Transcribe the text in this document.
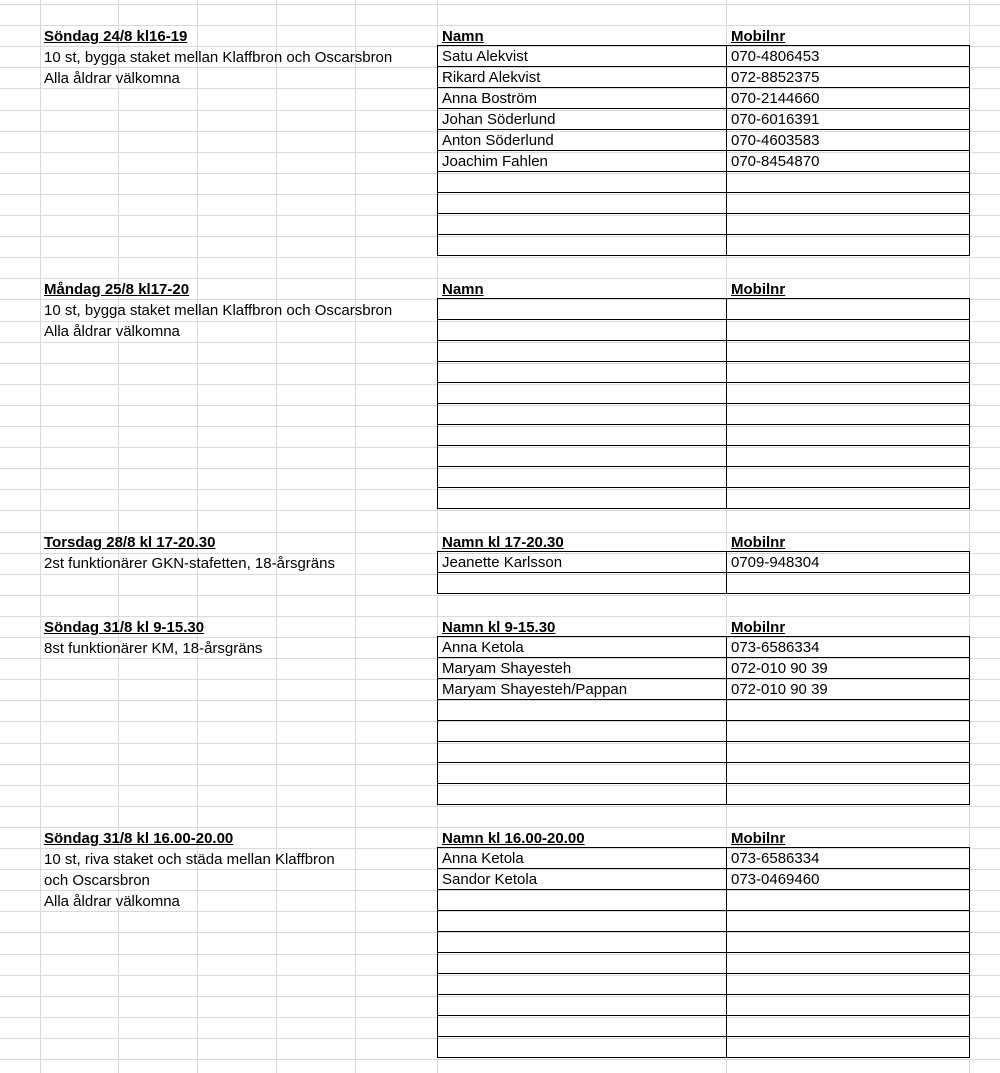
Söndag 24/8 kl16-19
10 st, bygga staket mellan Klaffbron och Oscarsbron
Alla åldrar välkomna
Namn	Mobilnr
Satu Alekvist	070-4806453
Rikard Alekvist	072-8852375
Anna Boström	070-2144660
Johan Söderlund	070-6016391
Anton Söderlund	070-4603583
Joachim Fahlen	070-8454870

Måndag 25/8 kl17-20
10 st, bygga staket mellan Klaffbron och Oscarsbron
Alla åldrar välkomna
Namn	Mobilnr

Torsdag 28/8 kl 17-20.30
2st funktionärer GKN-stafetten, 18-årsgräns
Namn kl 17-20.30	Mobilnr
Jeanette Karlsson	0709-948304

Söndag 31/8 kl 9-15.30
8st funktionärer KM, 18-årsgräns
Namn kl 9-15.30	Mobilnr
Anna Ketola	073-6586334
Maryam Shayesteh	072-010 90 39
Maryam Shayesteh/Pappan	072-010 90 39

Söndag 31/8 kl 16.00-20.00
10 st, riva staket och städa mellan Klaffbron
och Oscarsbron
Alla åldrar välkomna
Namn kl 16.00-20.00	Mobilnr
Anna Ketola	073-6586334
Sandor Ketola	073-0469460
